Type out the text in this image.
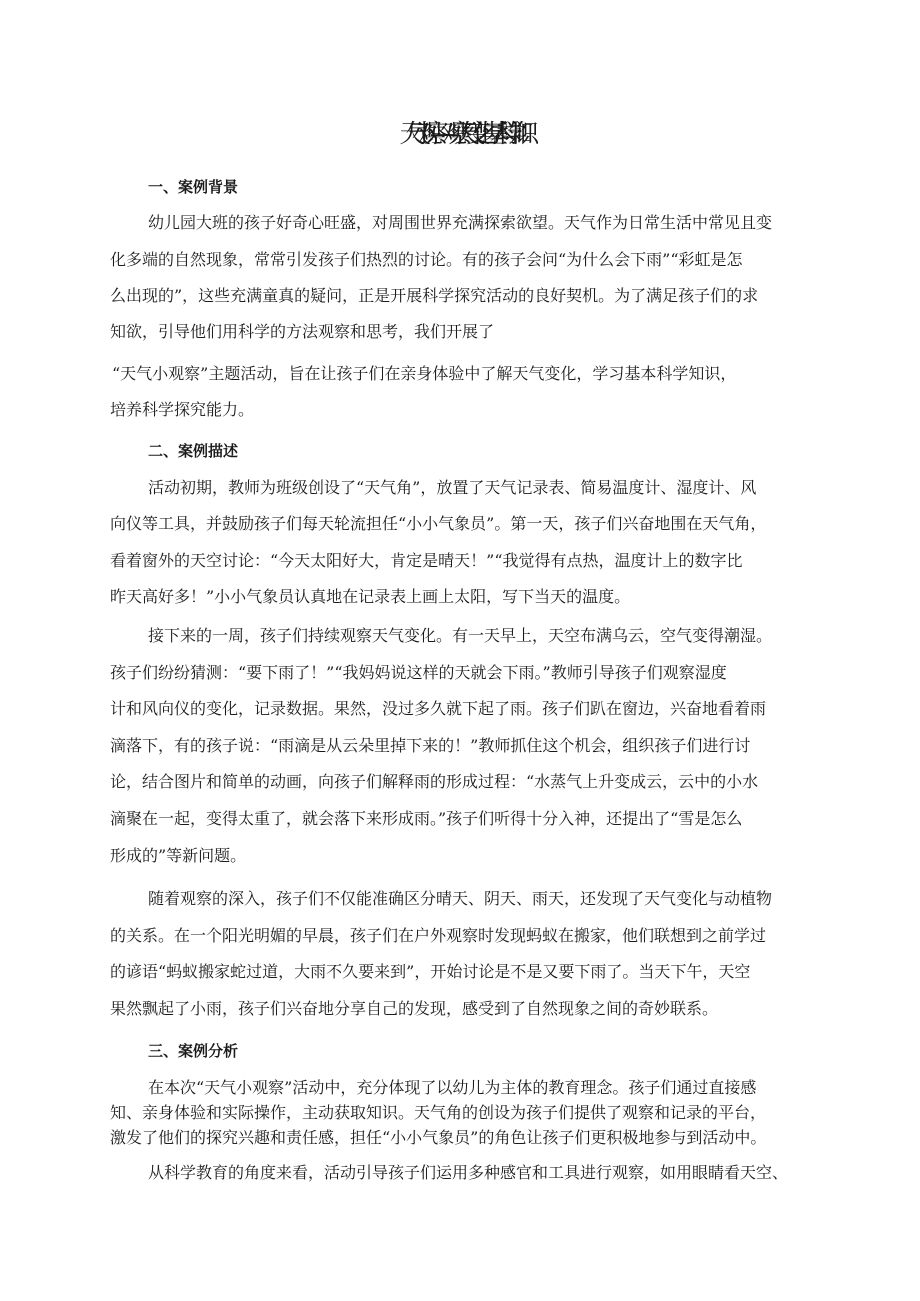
天气小观察——观察天气变化与基本科学知识
一、案例背景

幼儿园大班的孩子好奇心旺盛，对周围世界充满探索欲望。天气作为日常生活中常见且变

化多端的自然现象，常常引发孩子们热烈的讨论。有的孩子会问“为什么会下雨”“彩虹是怎

么出现的”，这些充满童真的疑问，正是开展科学探究活动的良好契机。为了满足孩子们的求

知欲，引导他们用科学的方法观察和思考，我们开展了

“天气小观察”主题活动，旨在让孩子们在亲身体验中了解天气变化，学习基本科学知识，

培养科学探究能力。

二、案例描述

活动初期，教师为班级创设了“天气角”，放置了天气记录表、简易温度计、湿度计、风

向仪等工具，并鼓励孩子们每天轮流担任“小小气象员”。第一天，孩子们兴奋地围在天气角，

看着窗外的天空讨论：“今天太阳好大，肯定是晴天！”“我觉得有点热，温度计上的数字比

昨天高好多！”小小气象员认真地在记录表上画上太阳，写下当天的温度。

接下来的一周，孩子们持续观察天气变化。有一天早上，天空布满乌云，空气变得潮湿。

孩子们纷纷猜测：“要下雨了！”“我妈妈说这样的天就会下雨。”教师引导孩子们观察湿度

计和风向仪的变化，记录数据。果然，没过多久就下起了雨。孩子们趴在窗边，兴奋地看着雨

滴落下，有的孩子说：“雨滴是从云朵里掉下来的！”教师抓住这个机会，组织孩子们进行讨

论，结合图片和简单的动画，向孩子们解释雨的形成过程：“水蒸气上升变成云，云中的小水

滴聚在一起，变得太重了，就会落下来形成雨。”孩子们听得十分入神，还提出了“雪是怎么

形成的”等新问题。

随着观察的深入，孩子们不仅能准确区分晴天、阴天、雨天，还发现了天气变化与动植物

的关系。在一个阳光明媚的早晨，孩子们在户外观察时发现蚂蚁在搬家，他们联想到之前学过

的谚语“蚂蚁搬家蛇过道，大雨不久要来到”，开始讨论是不是又要下雨了。当天下午，天空

果然飘起了小雨，孩子们兴奋地分享自己的发现，感受到了自然现象之间的奇妙联系。

三、案例分析

在本次“天气小观察”活动中，充分体现了以幼儿为主体的教育理念。孩子们通过直接感

知、亲身体验和实际操作，主动获取知识。天气角的创设为孩子们提供了观察和记录的平台，

激发了他们的探究兴趣和责任感，担任“小小气象员”的角色让孩子们更积极地参与到活动中。

从科学教育的角度来看，活动引导孩子们运用多种感官和工具进行观察，如用眼睛看天空、
